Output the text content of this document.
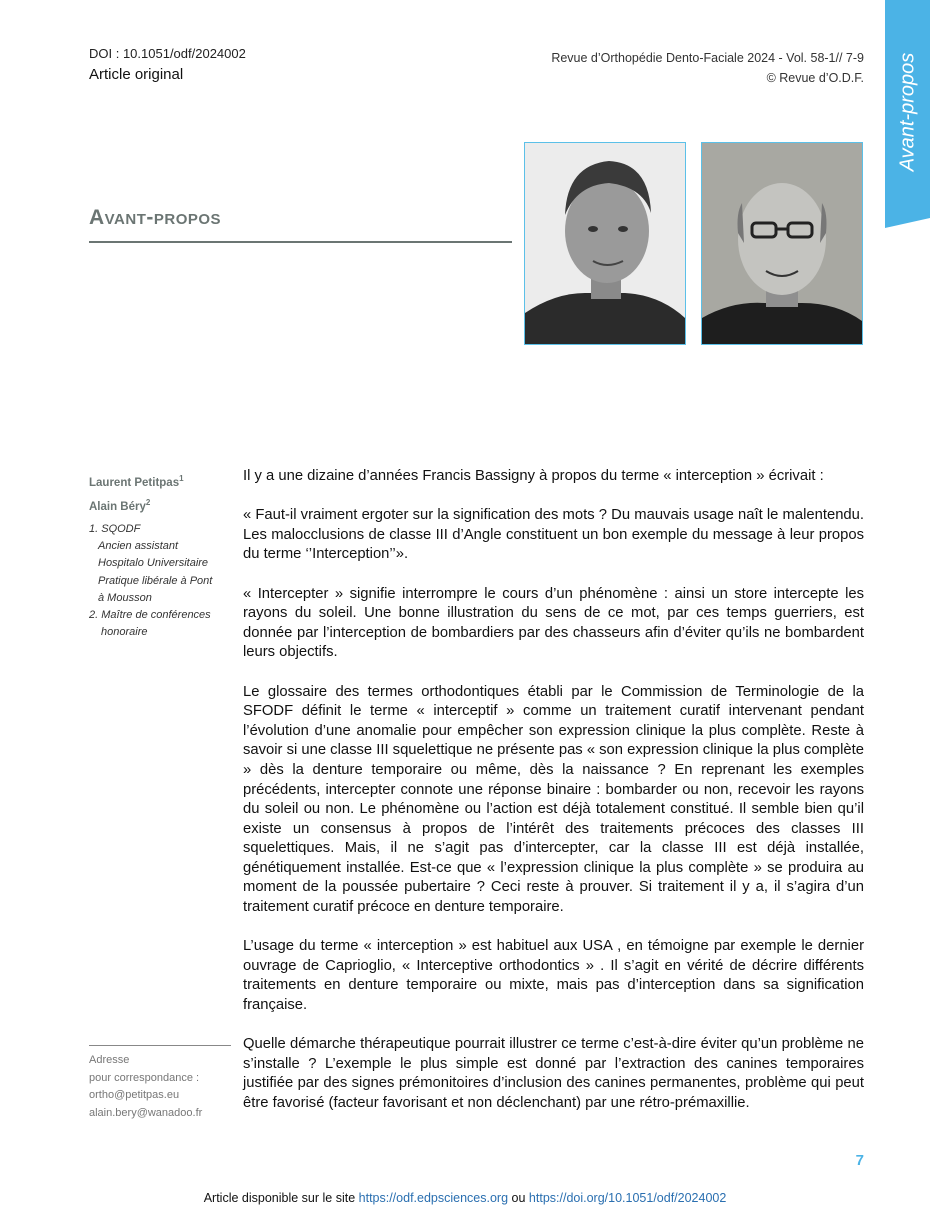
DOI : 10.1051/odf/2024002
Article original
Revue d’Orthopédie Dento-Faciale 2024 - Vol. 58-1// 7-9
© Revue d’O.D.F. Avant-propos
Avant-propos
Laurent Petitpas$^1$
Alain Béry$^2$
1. SQODF
Ancien assistant
Hospitalo Universitaire
Pratique libérale à Pont
à Mousson
2. Maître de conférences
honoraire
Adresse
pour correspondance :
ortho@petitpas.eu
alain.bery@wanadoo.fr

Il y a une dizaine d’années Francis Bassigny à propos du terme « interception » écrivait :

« Faut-il vraiment ergoter sur la signification des mots ? Du mauvais usage naît le malentendu. Les malocclusions de classe III d’Angle constituent un bon exemple du message à leur propos du terme ‘’Interception’’».

« Intercepter » signifie interrompre le cours d’un phénomène : ainsi un store intercepte les rayons du soleil. Une bonne illustration du sens de ce mot, par ces temps guerriers, est donnée par l’interception de bombardiers par des chasseurs afin d’éviter qu’ils ne bombardent leurs objectifs.

Le glossaire des termes orthodontiques établi par le Commission de Terminologie de la SFODF définit le terme « interceptif » comme un traitement curatif intervenant pendant l’évolution d’une anomalie pour empêcher son expression clinique la plus complète. Reste à savoir si une classe III squelettique ne présente pas « son expression clinique la plus complète » dès la denture temporaire ou même, dès la naissance ? En reprenant les exemples précédents, intercepter connote une réponse binaire : bombarder ou non, recevoir les rayons du soleil ou non. Le phénomène ou l’action est déjà totalement constitué. Il semble bien qu’il existe un consensus à propos de l’intérêt des traitements précoces des classes III squelettiques. Mais, il ne s’agit pas d’intercepter, car la classe III est déjà installée, génétiquement installée. Est-ce que « l’expression clinique la plus complète » se produira au moment de la poussée pubertaire ? Ceci reste à prouver. Si traitement il y a, il s’agira d’un traitement curatif précoce en denture temporaire.

L’usage du terme « interception » est habituel aux USA , en témoigne par exemple le dernier ouvrage de Caprioglio, « Interceptive orthodontics » . Il s’agit en vérité de décrire différents traitements en denture temporaire ou mixte, mais pas d’interception dans sa signification française.

Quelle démarche thérapeutique pourrait illustrer ce terme c’est-à-dire éviter qu’un problème ne s’installe ? L’exemple le plus simple est donné par l’extraction des canines temporaires justifiée par des signes prémonitoires d’inclusion des canines permanentes, problème qui peut être favorisé (facteur favorisant et non déclenchant) par une rétro-prémaxillie.

7
Article disponible sur le site https://odf.edpsciences.org ou https://doi.org/10.1051/odf/2024002
